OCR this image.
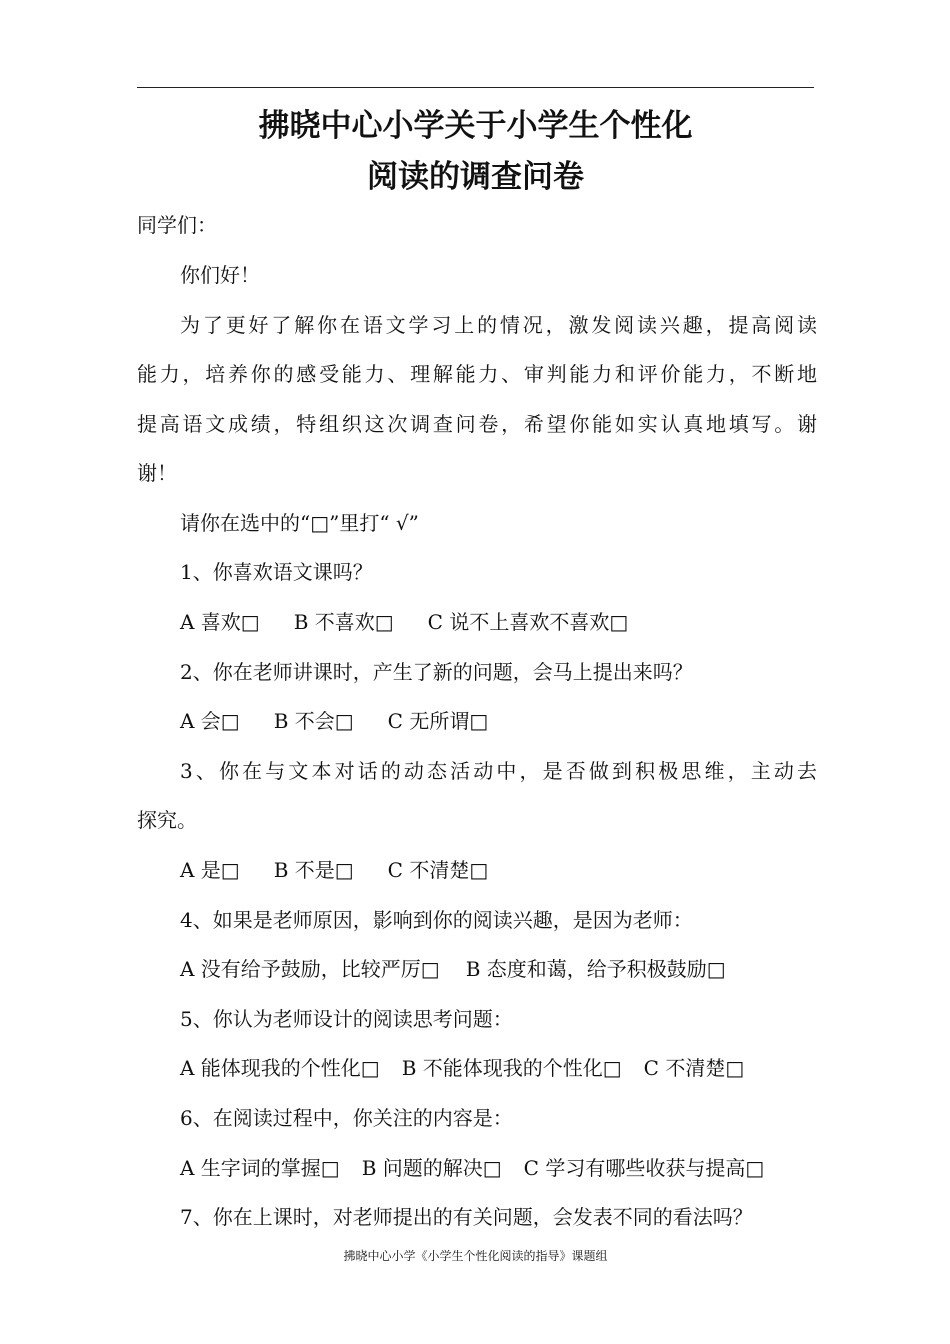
拂晓中心小学关于小学生个性化
阅读的调查问卷
同学们：
你们好！
为了更好了解你在语文学习上的情况，激发阅读兴趣，提高阅读
能力，培养你的感受能力、理解能力、审判能力和评价能力，不断地
提高语文成绩，特组织这次调查问卷，希望你能如实认真地填写。谢
谢！
请你在选中的“□”里打“ √”
1、你喜欢语文课吗？
A 喜欢□ B 不喜欢□ C 说不上喜欢不喜欢□
2、你在老师讲课时，产生了新的问题，会马上提出来吗？
A 会□ B 不会□ C 无所谓□
3、你在与文本对话的动态活动中，是否做到积极思维，主动去
探究。
A 是□ B 不是□ C 不清楚□
4、如果是老师原因，影响到你的阅读兴趣，是因为老师：
A 没有给予鼓励，比较严厉□ B 态度和蔼，给予积极鼓励□
5、你认为老师设计的阅读思考问题：
A 能体现我的个性化□ B 不能体现我的个性化□ C 不清楚□
6、在阅读过程中，你关注的内容是：
A 生字词的掌握□ B 问题的解决□ C 学习有哪些收获与提高□
7、你在上课时，对老师提出的有关问题，会发表不同的看法吗？
拂晓中心小学《小学生个性化阅读的指导》课题组
